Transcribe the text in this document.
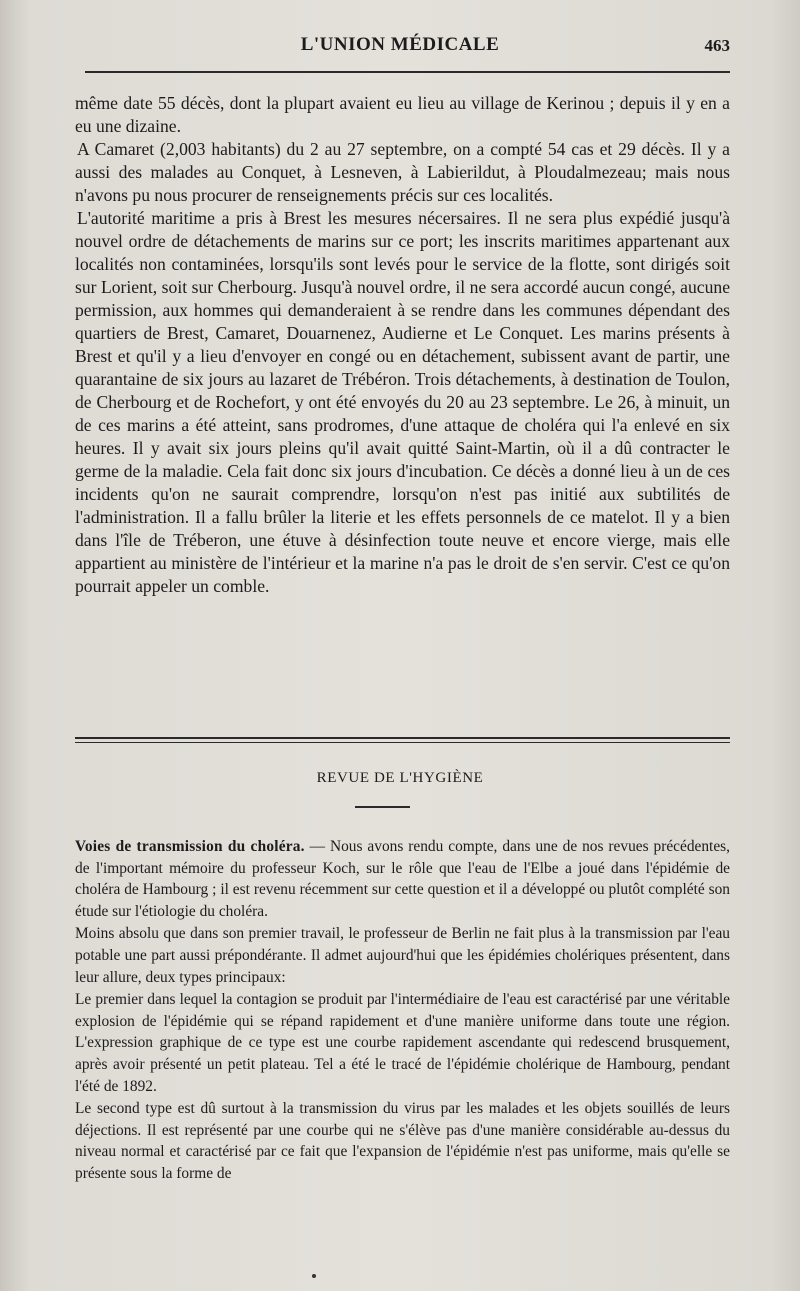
L'UNION MÉDICALE	463

même date 55 décès, dont la plupart avaient eu lieu au village de Kerinou ; depuis il y en a eu une dizaine.

A Camaret (2,003 habitants) du 2 au 27 septembre, on a compté 54 cas et 29 décès. Il y a aussi des malades au Conquet, à Lesneven, à Labierildut, à Ploudalmezeau; mais nous n'avons pu nous procurer de renseignements précis sur ces localités.

L'autorité maritime a pris à Brest les mesures nécersaires. Il ne sera plus expédié jusqu'à nouvel ordre de détachements de marins sur ce port; les inscrits maritimes appartenant aux localités non contaminées, lorsqu'ils sont levés pour le service de la flotte, sont dirigés soit sur Lorient, soit sur Cherbourg. Jusqu'à nouvel ordre, il ne sera accordé aucun congé, aucune permission, aux hommes qui demanderaient à se rendre dans les communes dépendant des quartiers de Brest, Camaret, Douarnenez, Audierne et Le Conquet. Les marins présents à Brest et qu'il y a lieu d'envoyer en congé ou en détachement, subissent avant de partir, une quarantaine de six jours au lazaret de Trébéron. Trois détachements, à destination de Toulon, de Cherbourg et de Rochefort, y ont été envoyés du 20 au 23 septembre. Le 26, à minuit, un de ces marins a été atteint, sans prodromes, d'une attaque de choléra qui l'a enlevé en six heures. Il y avait six jours pleins qu'il avait quitté Saint-Martin, où il a dû contracter le germe de la maladie. Cela fait donc six jours d'incubation. Ce décès a donné lieu à un de ces incidents qu'on ne saurait comprendre, lorsqu'on n'est pas initié aux subtilités de l'administration. Il a fallu brûler la literie et les effets personnels de ce matelot. Il y a bien dans l'île de Tréberon, une étuve à désinfection toute neuve et encore vierge, mais elle appartient au ministère de l'intérieur et la marine n'a pas le droit de s'en servir. C'est ce qu'on pourrait appeler un comble.

REVUE DE L'HYGIÈNE

Voies de transmission du choléra. — Nous avons rendu compte, dans une de nos revues précédentes, de l'important mémoire du professeur Koch, sur le rôle que l'eau de l'Elbe a joué dans l'épidémie de choléra de Hambourg ; il est revenu récemment sur cette question et il a développé ou plutôt complété son étude sur l'étiologie du choléra.

Moins absolu que dans son premier travail, le professeur de Berlin ne fait plus à la transmission par l'eau potable une part aussi prépondérante. Il admet aujourd'hui que les épidémies cholériques présentent, dans leur allure, deux types principaux:

Le premier dans lequel la contagion se produit par l'intermédiaire de l'eau est caractérisé par une véritable explosion de l'épidémie qui se répand rapidement et d'une manière uniforme dans toute une région. L'expression graphique de ce type est une courbe rapidement ascendante qui redescend brusquement, après avoir présenté un petit plateau. Tel a été le tracé de l'épidémie cholérique de Hambourg, pendant l'été de 1892.

Le second type est dû surtout à la transmission du virus par les malades et les objets souillés de leurs déjections. Il est représenté par une courbe qui ne s'élève pas d'une manière considérable au-dessus du niveau normal et caractérisé par ce fait que l'expansion de l'épidémie n'est pas uniforme, mais qu'elle se présente sous la forme de
